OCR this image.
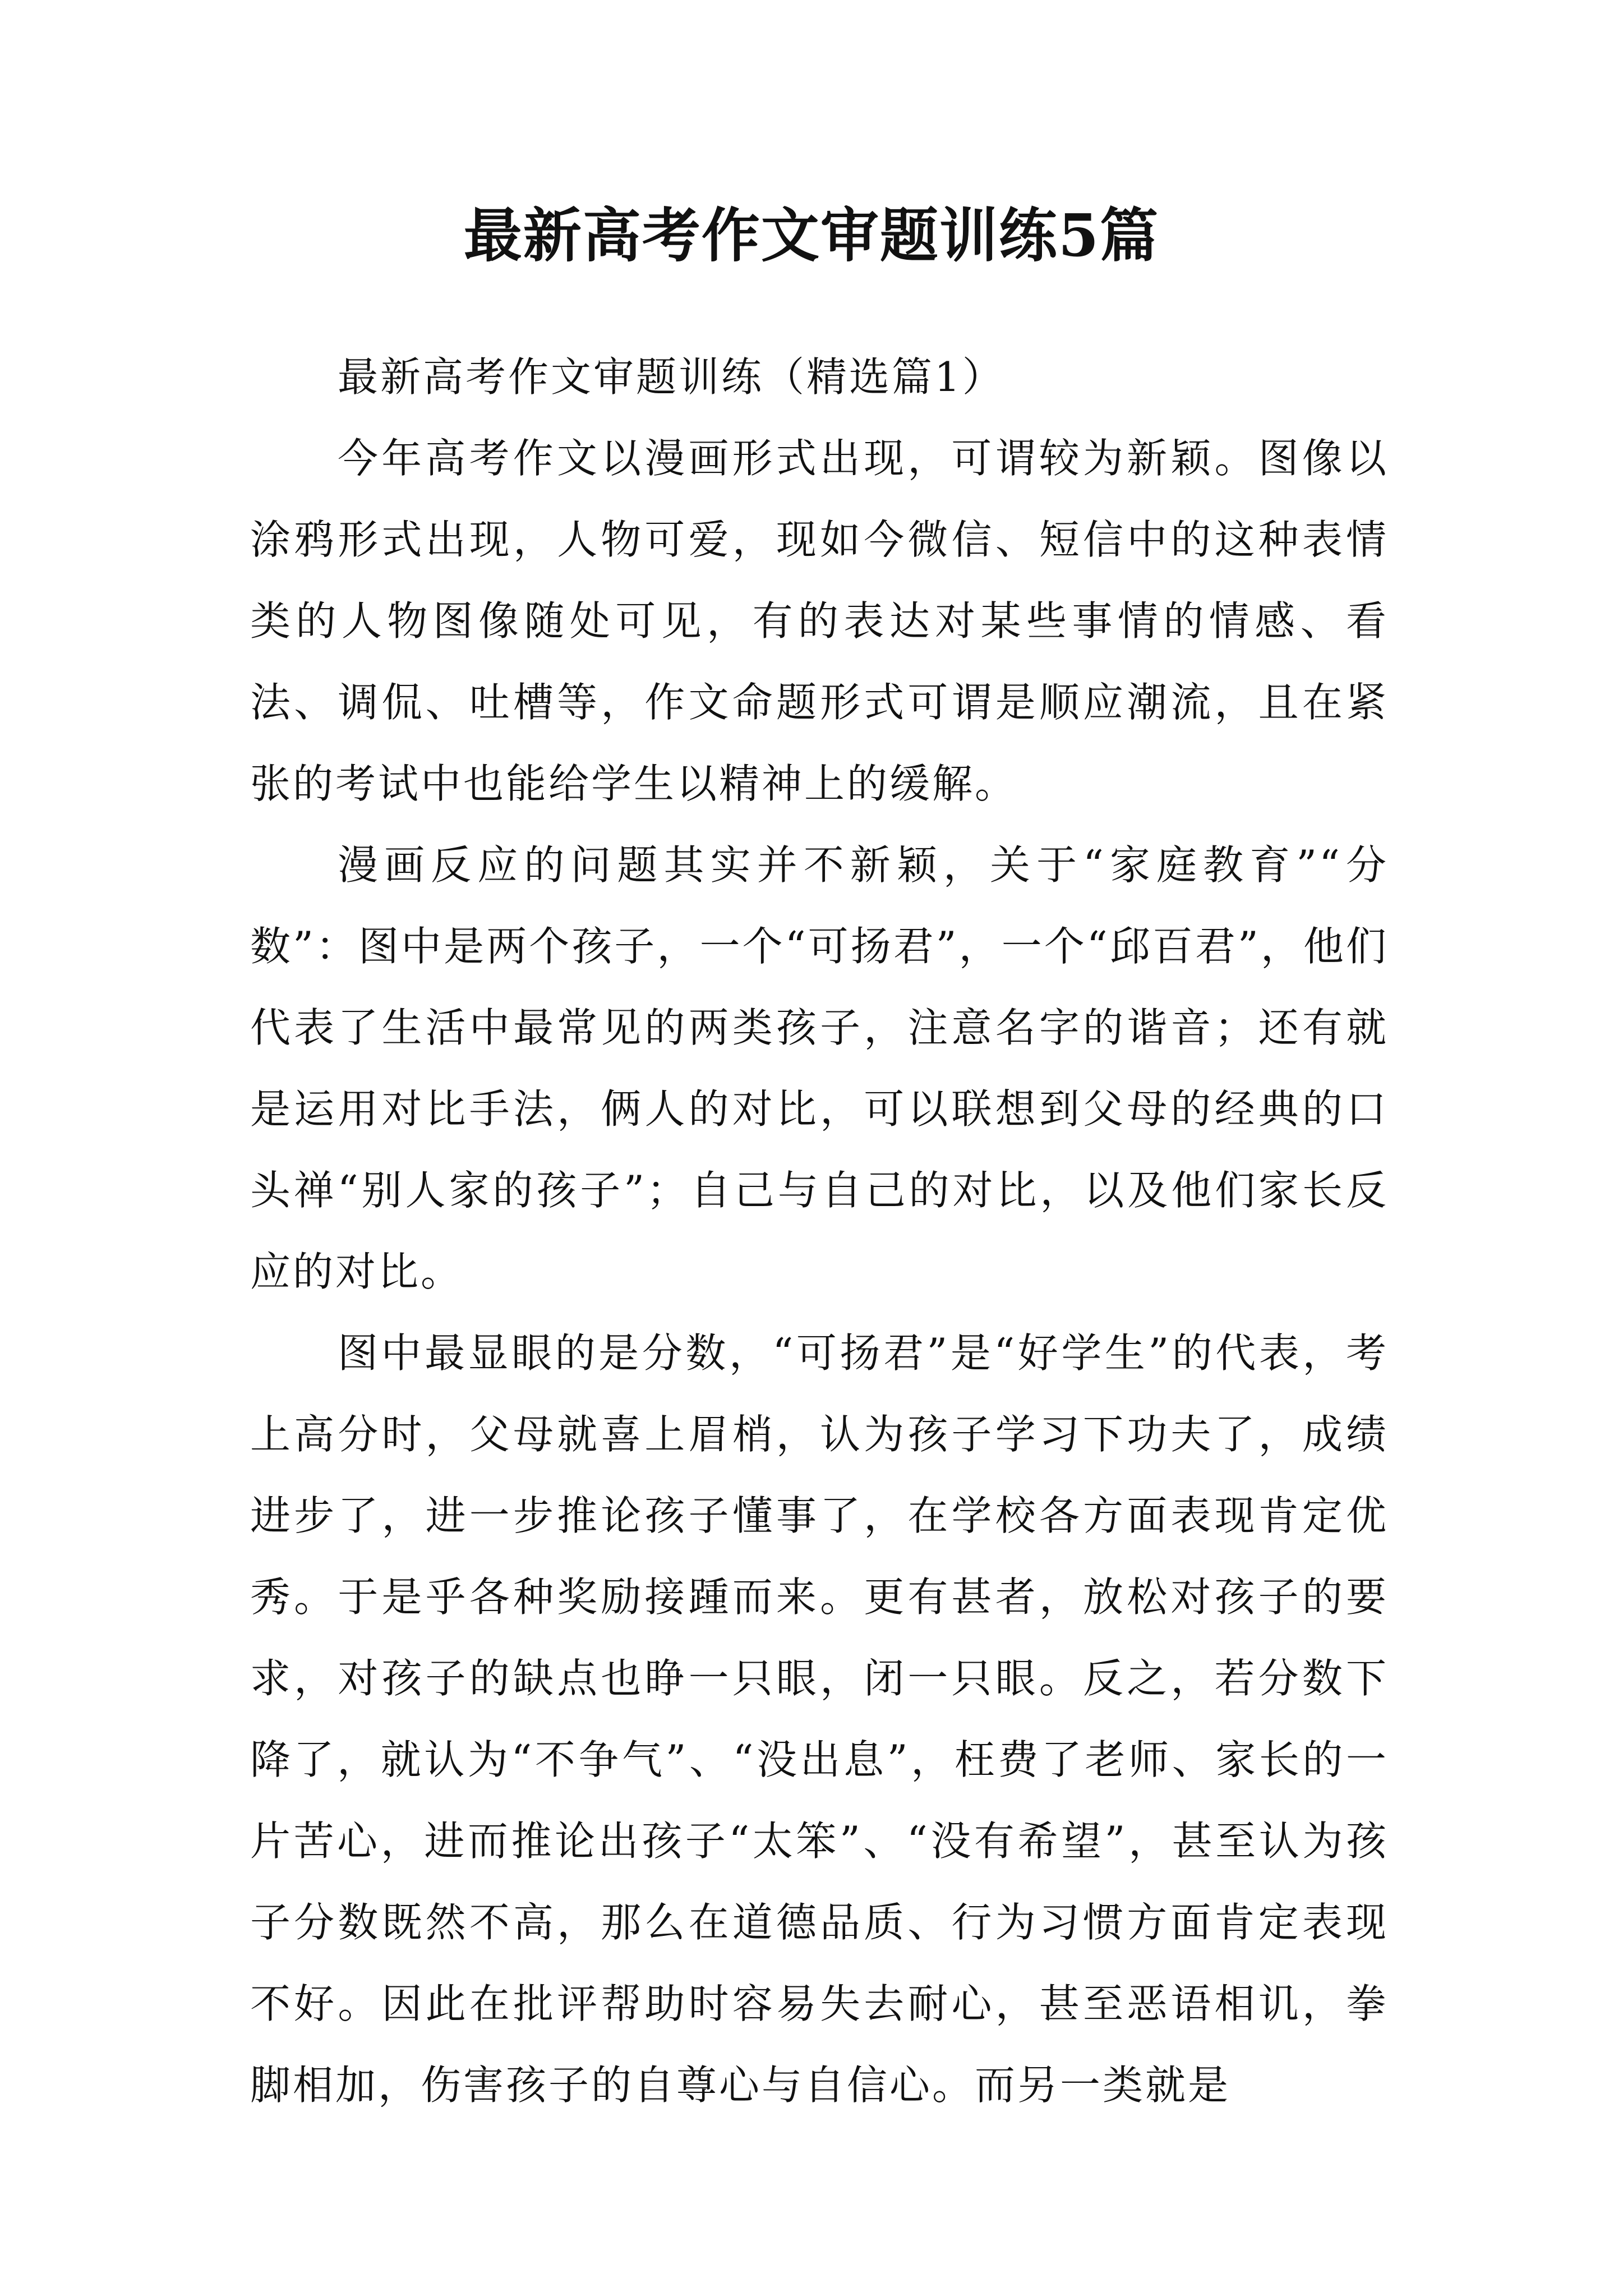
最新高考作文审题训练5篇

最新高考作文审题训练（精选篇1）

今年高考作文以漫画形式出现，可谓较为新颖。图像以涂鸦形式出现，人物可爱，现如今微信、短信中的这种表情类的人物图像随处可见，有的表达对某些事情的情感、看法、调侃、吐槽等，作文命题形式可谓是顺应潮流，且在紧张的考试中也能给学生以精神上的缓解。

漫画反应的问题其实并不新颖，关于“家庭教育”“分数”：图中是两个孩子，一个“可扬君”，一个“邱百君”，他们代表了生活中最常见的两类孩子，注意名字的谐音；还有就是运用对比手法，俩人的对比，可以联想到父母的经典的口头禅“别人家的孩子”；自己与自己的对比，以及他们家长反应的对比。

图中最显眼的是分数，“可扬君”是“好学生”的代表，考上高分时，父母就喜上眉梢，认为孩子学习下功夫了，成绩进步了，进一步推论孩子懂事了，在学校各方面表现肯定优秀。于是乎各种奖励接踵而来。更有甚者，放松对孩子的要求，对孩子的缺点也睁一只眼，闭一只眼。反之，若分数下降了，就认为“不争气”、“没出息”，枉费了老师、家长的一片苦心，进而推论出孩子“太笨”、“没有希望”，甚至认为孩子分数既然不高，那么在道德品质、行为习惯方面肯定表现不好。因此在批评帮助时容易失去耐心，甚至恶语相讥，拳脚相加，伤害孩子的自尊心与自信心。而另一类就是
